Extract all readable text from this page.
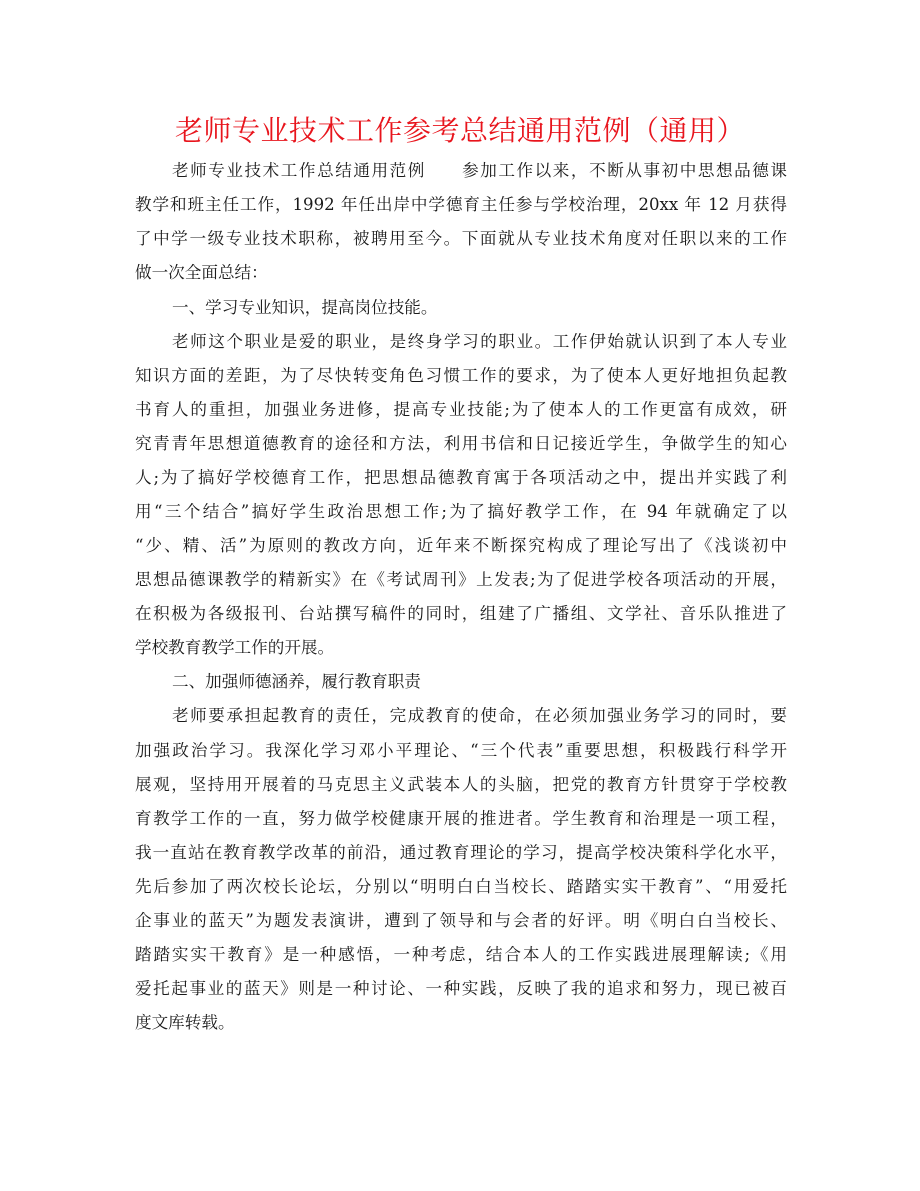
老师专业技术工作参考总结通用范例（通用）
老师专业技术工作总结通用范例　　参加工作以来，不断从事初中思想品德课
教学和班主任工作，1992 年任出岸中学德育主任参与学校治理，20xx 年 12 月获得
了中学一级专业技术职称，被聘用至今。下面就从专业技术角度对任职以来的工作
做一次全面总结：
一、学习专业知识，提高岗位技能。
老师这个职业是爱的职业，是终身学习的职业。工作伊始就认识到了本人专业
知识方面的差距，为了尽快转变角色习惯工作的要求，为了使本人更好地担负起教
书育人的重担，加强业务进修，提高专业技能;为了使本人的工作更富有成效，研
究青青年思想道德教育的途径和方法，利用书信和日记接近学生，争做学生的知心
人;为了搞好学校德育工作，把思想品德教育寓于各项活动之中，提出并实践了利
用“三个结合”搞好学生政治思想工作;为了搞好教学工作，在 94 年就确定了以
“少、精、活”为原则的教改方向，近年来不断探究构成了理论写出了《浅谈初中
思想品德课教学的精新实》在《考试周刊》上发表;为了促进学校各项活动的开展，
在积极为各级报刊、台站撰写稿件的同时，组建了广播组、文学社、音乐队推进了
学校教育教学工作的开展。
二、加强师德涵养，履行教育职责
老师要承担起教育的责任，完成教育的使命，在必须加强业务学习的同时，要
加强政治学习。我深化学习邓小平理论、“三个代表”重要思想，积极践行科学开
展观，坚持用开展着的马克思主义武装本人的头脑，把党的教育方针贯穿于学校教
育教学工作的一直，努力做学校健康开展的推进者。学生教育和治理是一项工程，
我一直站在教育教学改革的前沿，通过教育理论的学习，提高学校决策科学化水平，
先后参加了两次校长论坛，分别以“明明白白当校长、踏踏实实干教育”、“用爱托
企事业的蓝天”为题发表演讲，遭到了领导和与会者的好评。明《明白白当校长、
踏踏实实干教育》是一种感悟，一种考虑，结合本人的工作实践进展理解读;《用
爱托起事业的蓝天》则是一种讨论、一种实践，反映了我的追求和努力，现已被百
度文库转载。
